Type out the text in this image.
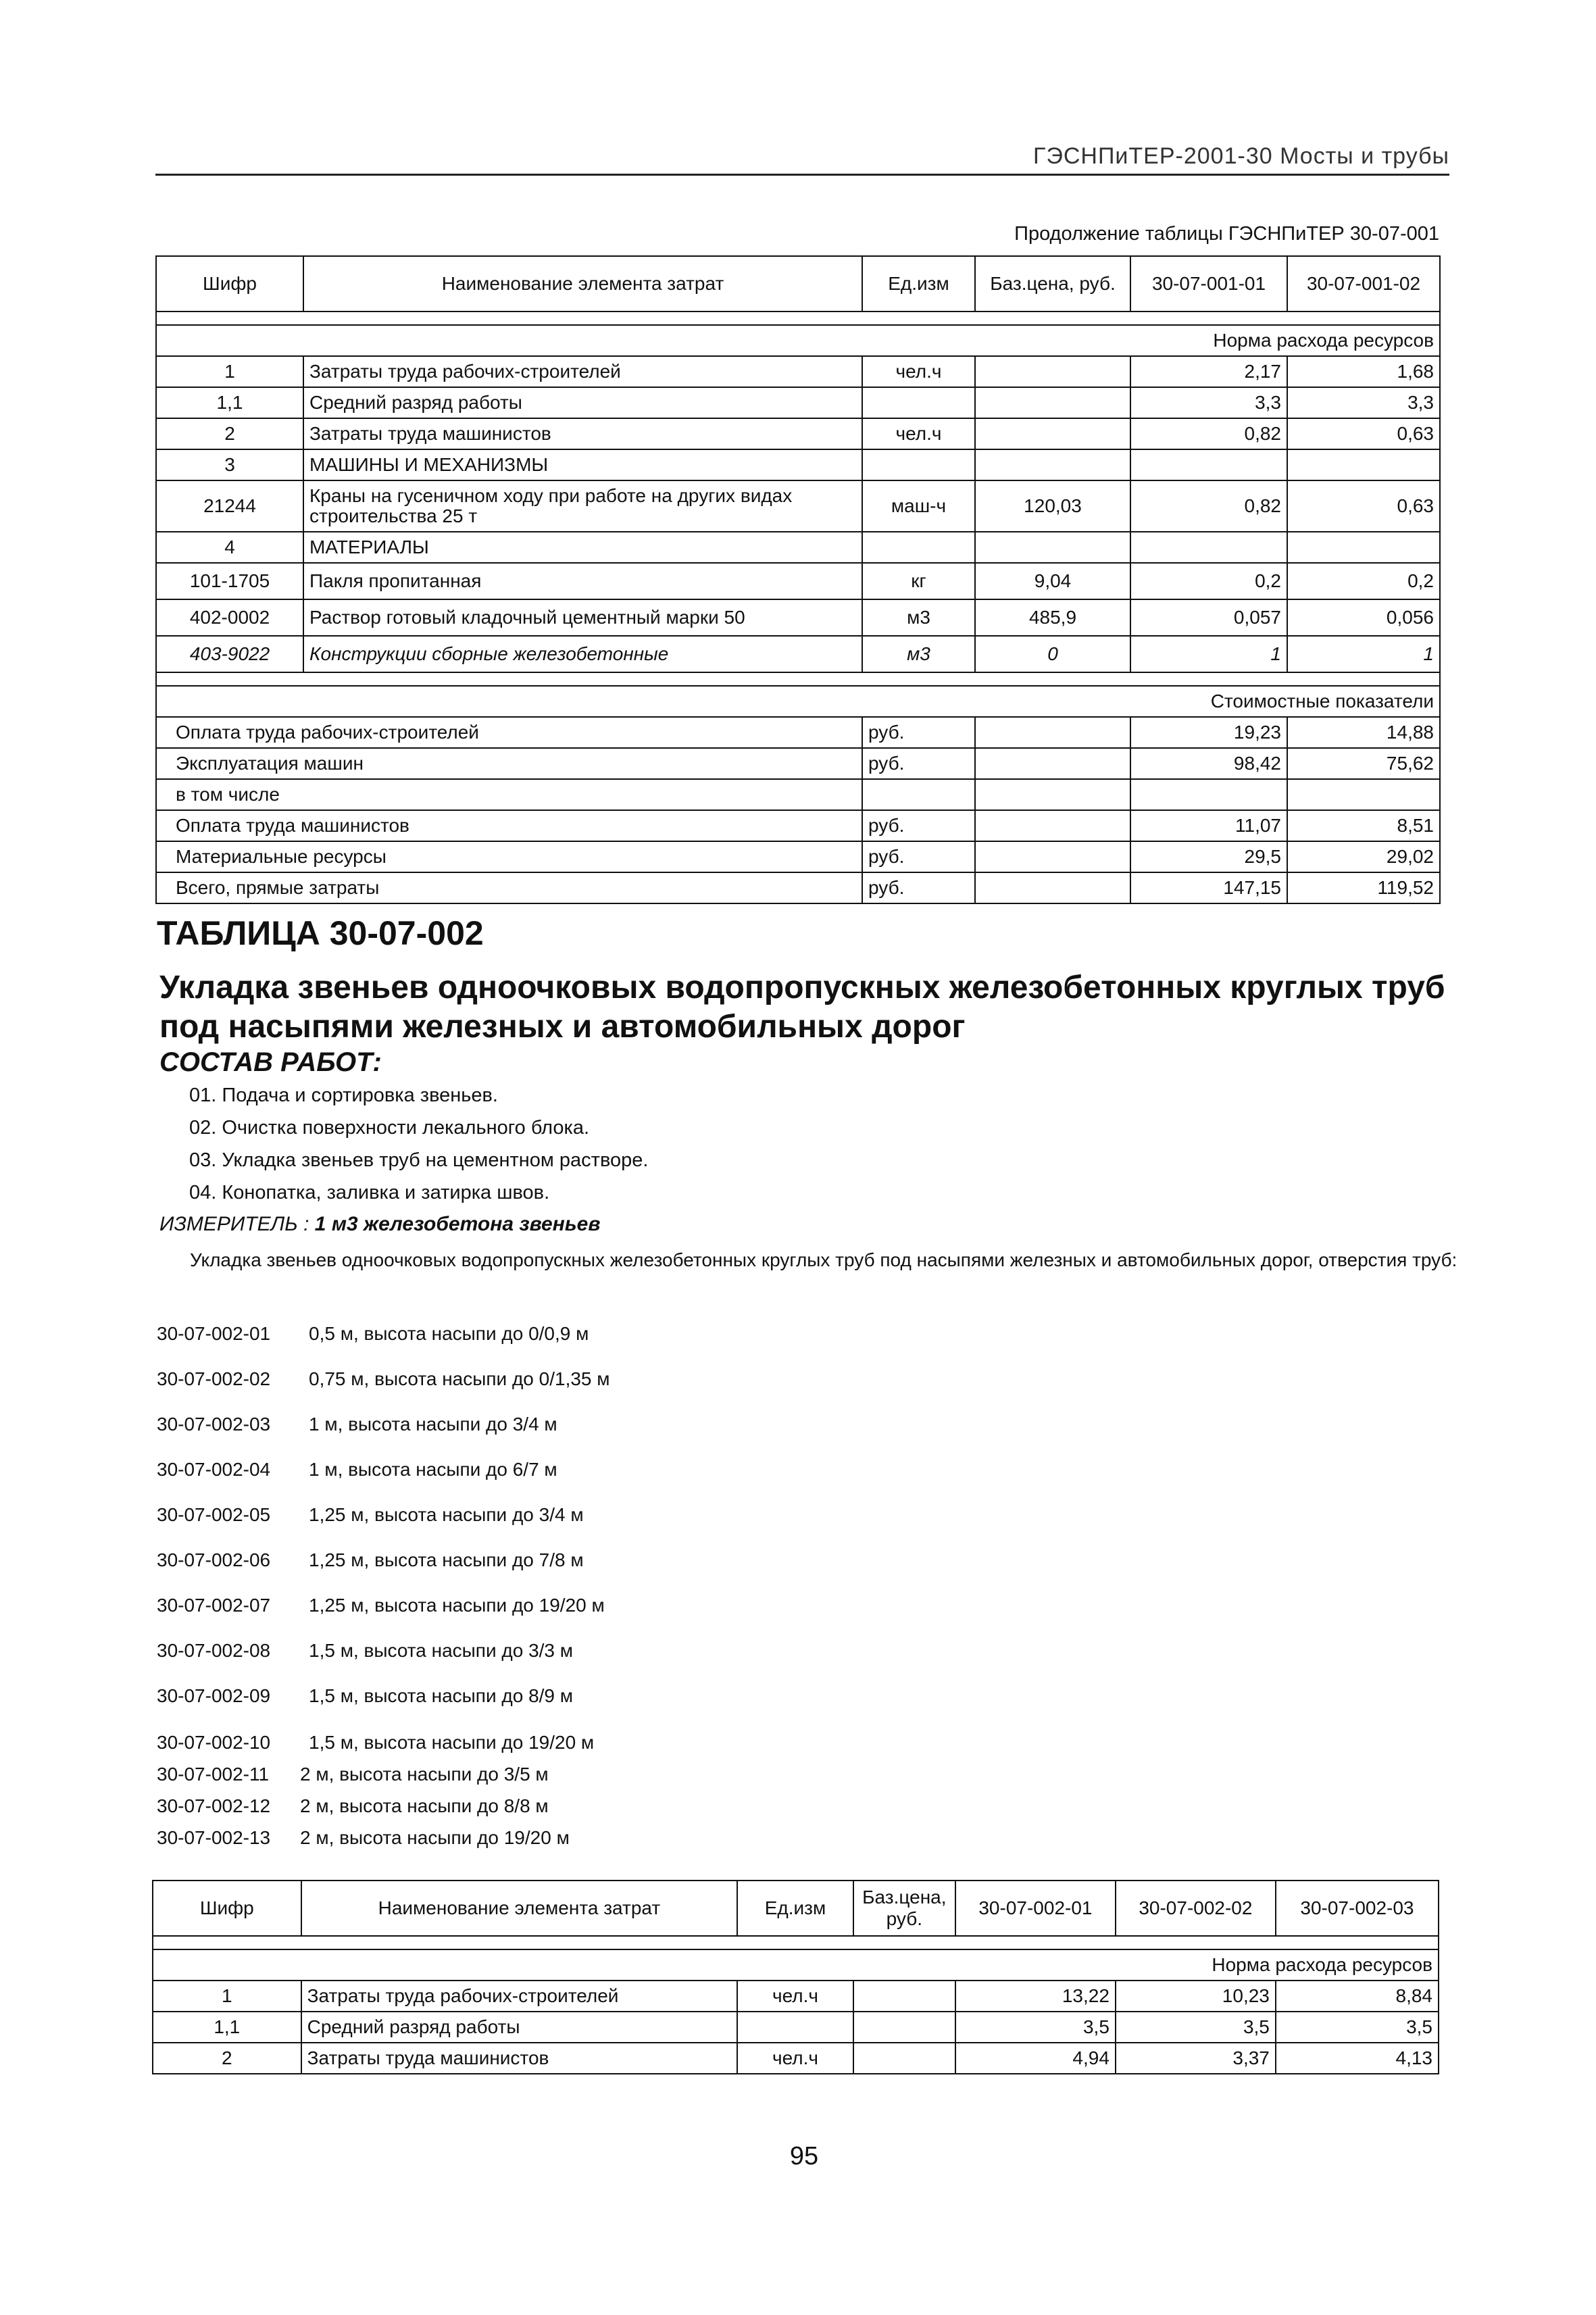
ГЭСНПиТЕР-2001-30 Мосты и трубы
Продолжение таблицы ГЭСНПиТЕР 30-07-001
Шифр	Наименование элемента затрат	Ед.изм	Баз.цена, руб.	30-07-001-01	30-07-001-02

Норма расхода ресурсов					
1	Затраты труда рабочих-строителей	чел.ч		2,17	1,68
1,1	Средний разряд работы			3,3	3,3
2	Затраты труда машинистов	чел.ч		0,82	0,63
3	МАШИНЫ И МЕХАНИЗМЫ				
21244	Краны на гусеничном ходу при работе на других видах строительства 25 т	маш-ч	120,03	0,82	0,63
4	МАТЕРИАЛЫ				
101-1705	Пакля пропитанная	кг	9,04	0,2	0,2
402-0002	Раствор готовый кладочный цементный марки 50	м3	485,9	0,057	0,056
403-9022	Конструкции сборные железобетонные	м3	0	1	1

Стоимостные показатели					
Оплата труда рабочих-строителей		руб.		19,23	14,88
Эксплуатация машин		руб.		98,42	75,62
в том числе					
Оплата труда машинистов		руб.		11,07	8,51
Материальные ресурсы		руб.		29,5	29,02
Всего, прямые затраты		руб.		147,15	119,52
ТАБЛИЦА 30-07-002
Укладка звеньев одноочковых водопропускных железобетонных круглых труб под насыпями железных и автомобильных дорог
СОСТАВ РАБОТ:
01. Подача и сортировка звеньев.
02. Очистка поверхности лекального блока.
03. Укладка звеньев труб на цементном растворе.
04. Конопатка, заливка и затирка швов.
ИЗМЕРИТЕЛЬ : 1 м3 железобетона звеньев
Укладка звеньев одноочковых водопропускных железобетонных круглых труб под насыпями железных и автомобильных дорог, отверстия труб:
30-07-002-01 0,5 м, высота насыпи до 0/0,9 м
30-07-002-02 0,75 м, высота насыпи до 0/1,35 м
30-07-002-03 1 м, высота насыпи до 3/4 м
30-07-002-04 1 м, высота насыпи до 6/7 м
30-07-002-05 1,25 м, высота насыпи до 3/4 м
30-07-002-06 1,25 м, высота насыпи до 7/8 м
30-07-002-07 1,25 м, высота насыпи до 19/20 м
30-07-002-08 1,5 м, высота насыпи до 3/3 м
30-07-002-09 1,5 м, высота насыпи до 8/9 м
30-07-002-10 1,5 м, высота насыпи до 19/20 м
30-07-002-11 2 м, высота насыпи до 3/5 м
30-07-002-12 2 м, высота насыпи до 8/8 м
30-07-002-13 2 м, высота насыпи до 19/20 м
Шифр	Наименование элемента затрат	Ед.изм	Баз.цена, руб.	30-07-002-01	30-07-002-02	30-07-002-03

Норма расхода ресурсов						
1	Затраты труда рабочих-строителей	чел.ч		13,22	10,23	8,84
1,1	Средний разряд работы			3,5	3,5	3,5
2	Затраты труда машинистов	чел.ч		4,94	3,37	4,13
95
